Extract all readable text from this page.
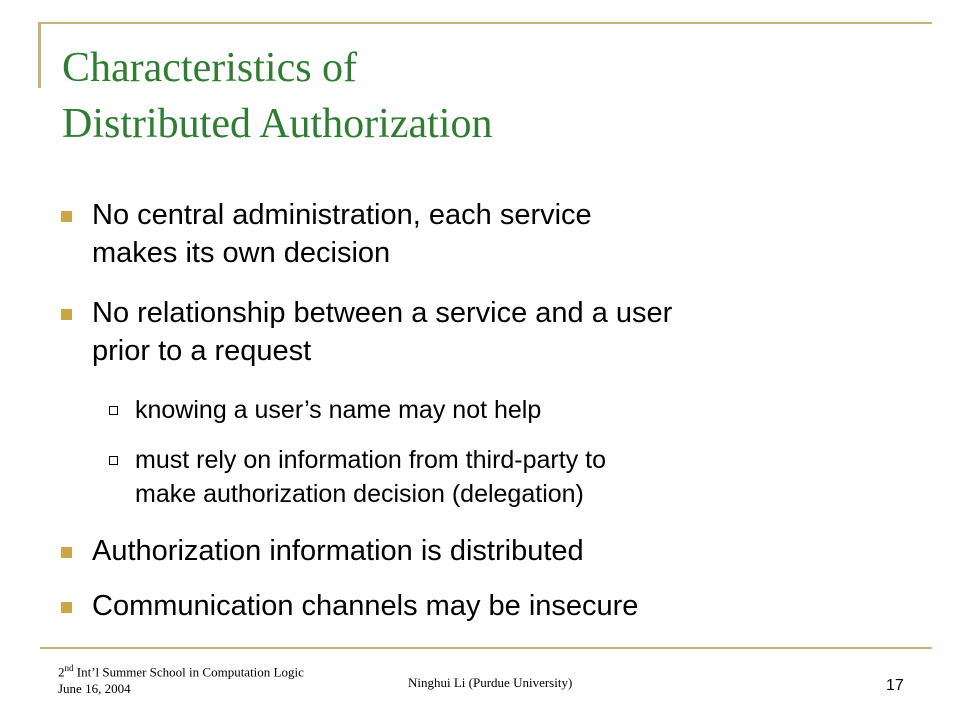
Characteristics of
Distributed Authorization
No central administration, each service
makes its own decision
No relationship between a service and a user
prior to a request
knowing a user’s name may not help
must rely on information from third-party to
make authorization decision (delegation)
Authorization information is distributed
Communication channels may be insecure
2nd Int’l Summer School in Computation Logic
June 16, 2004	Ninghui Li (Purdue University)	17
